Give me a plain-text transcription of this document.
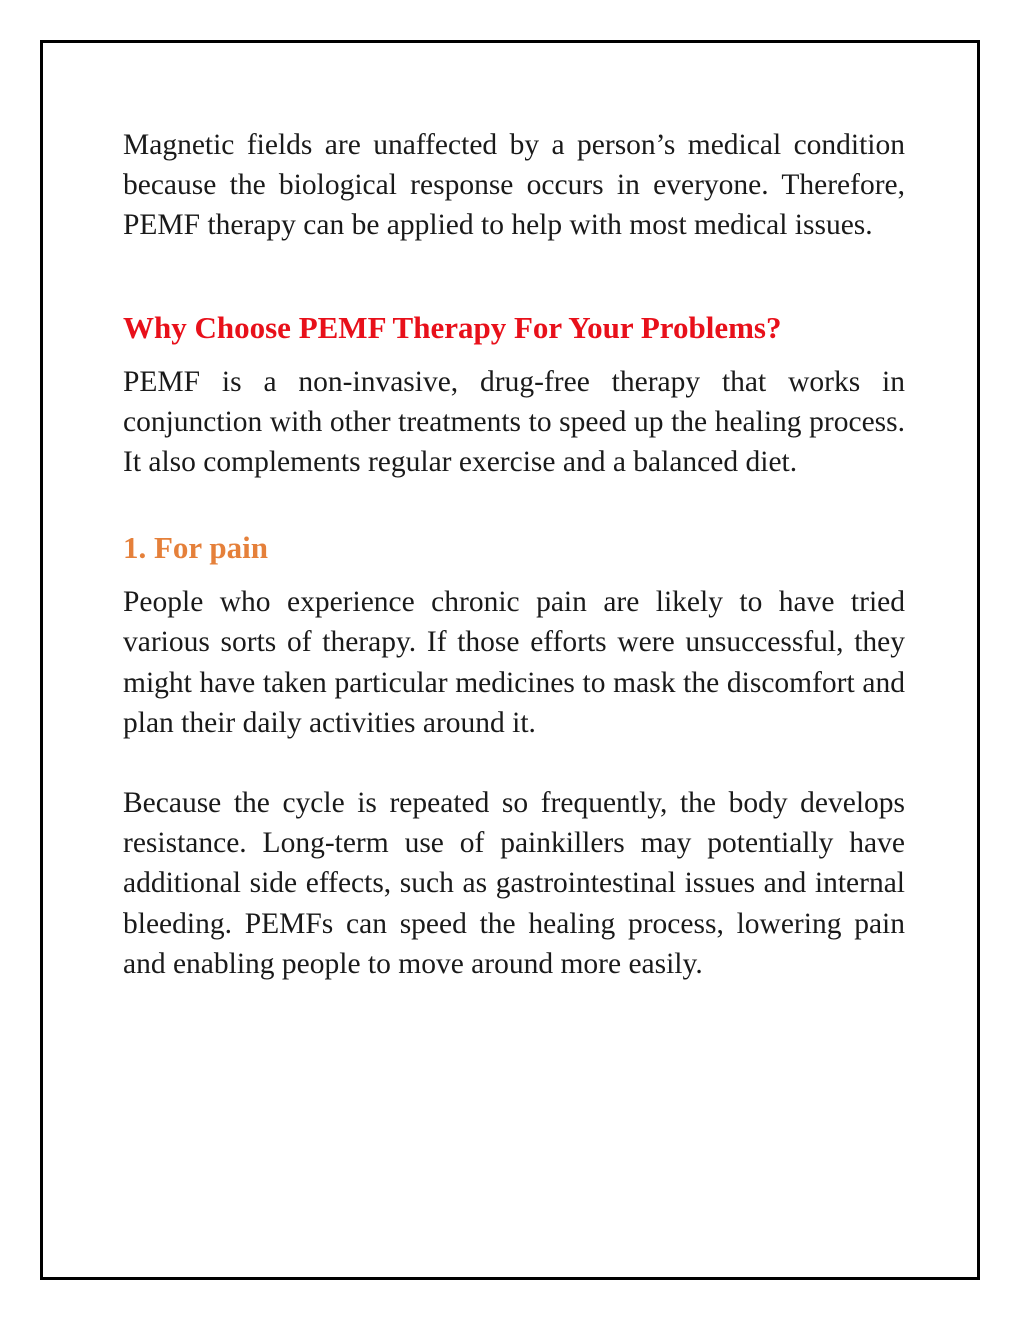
Magnetic fields are unaffected by a person’s medical condition because the biological response occurs in everyone. Therefore, PEMF therapy can be applied to help with most medical issues.

Why Choose PEMF Therapy For Your Problems?

PEMF is a non-invasive, drug-free therapy that works in conjunction with other treatments to speed up the healing process. It also complements regular exercise and a balanced diet.

1. For pain

People who experience chronic pain are likely to have tried various sorts of therapy. If those efforts were unsuccessful, they might have taken particular medicines to mask the discomfort and plan their daily activities around it.

Because the cycle is repeated so frequently, the body develops resistance. Long-term use of painkillers may potentially have additional side effects, such as gastrointestinal issues and internal bleeding. PEMFs can speed the healing process, lowering pain and enabling people to move around more easily.
